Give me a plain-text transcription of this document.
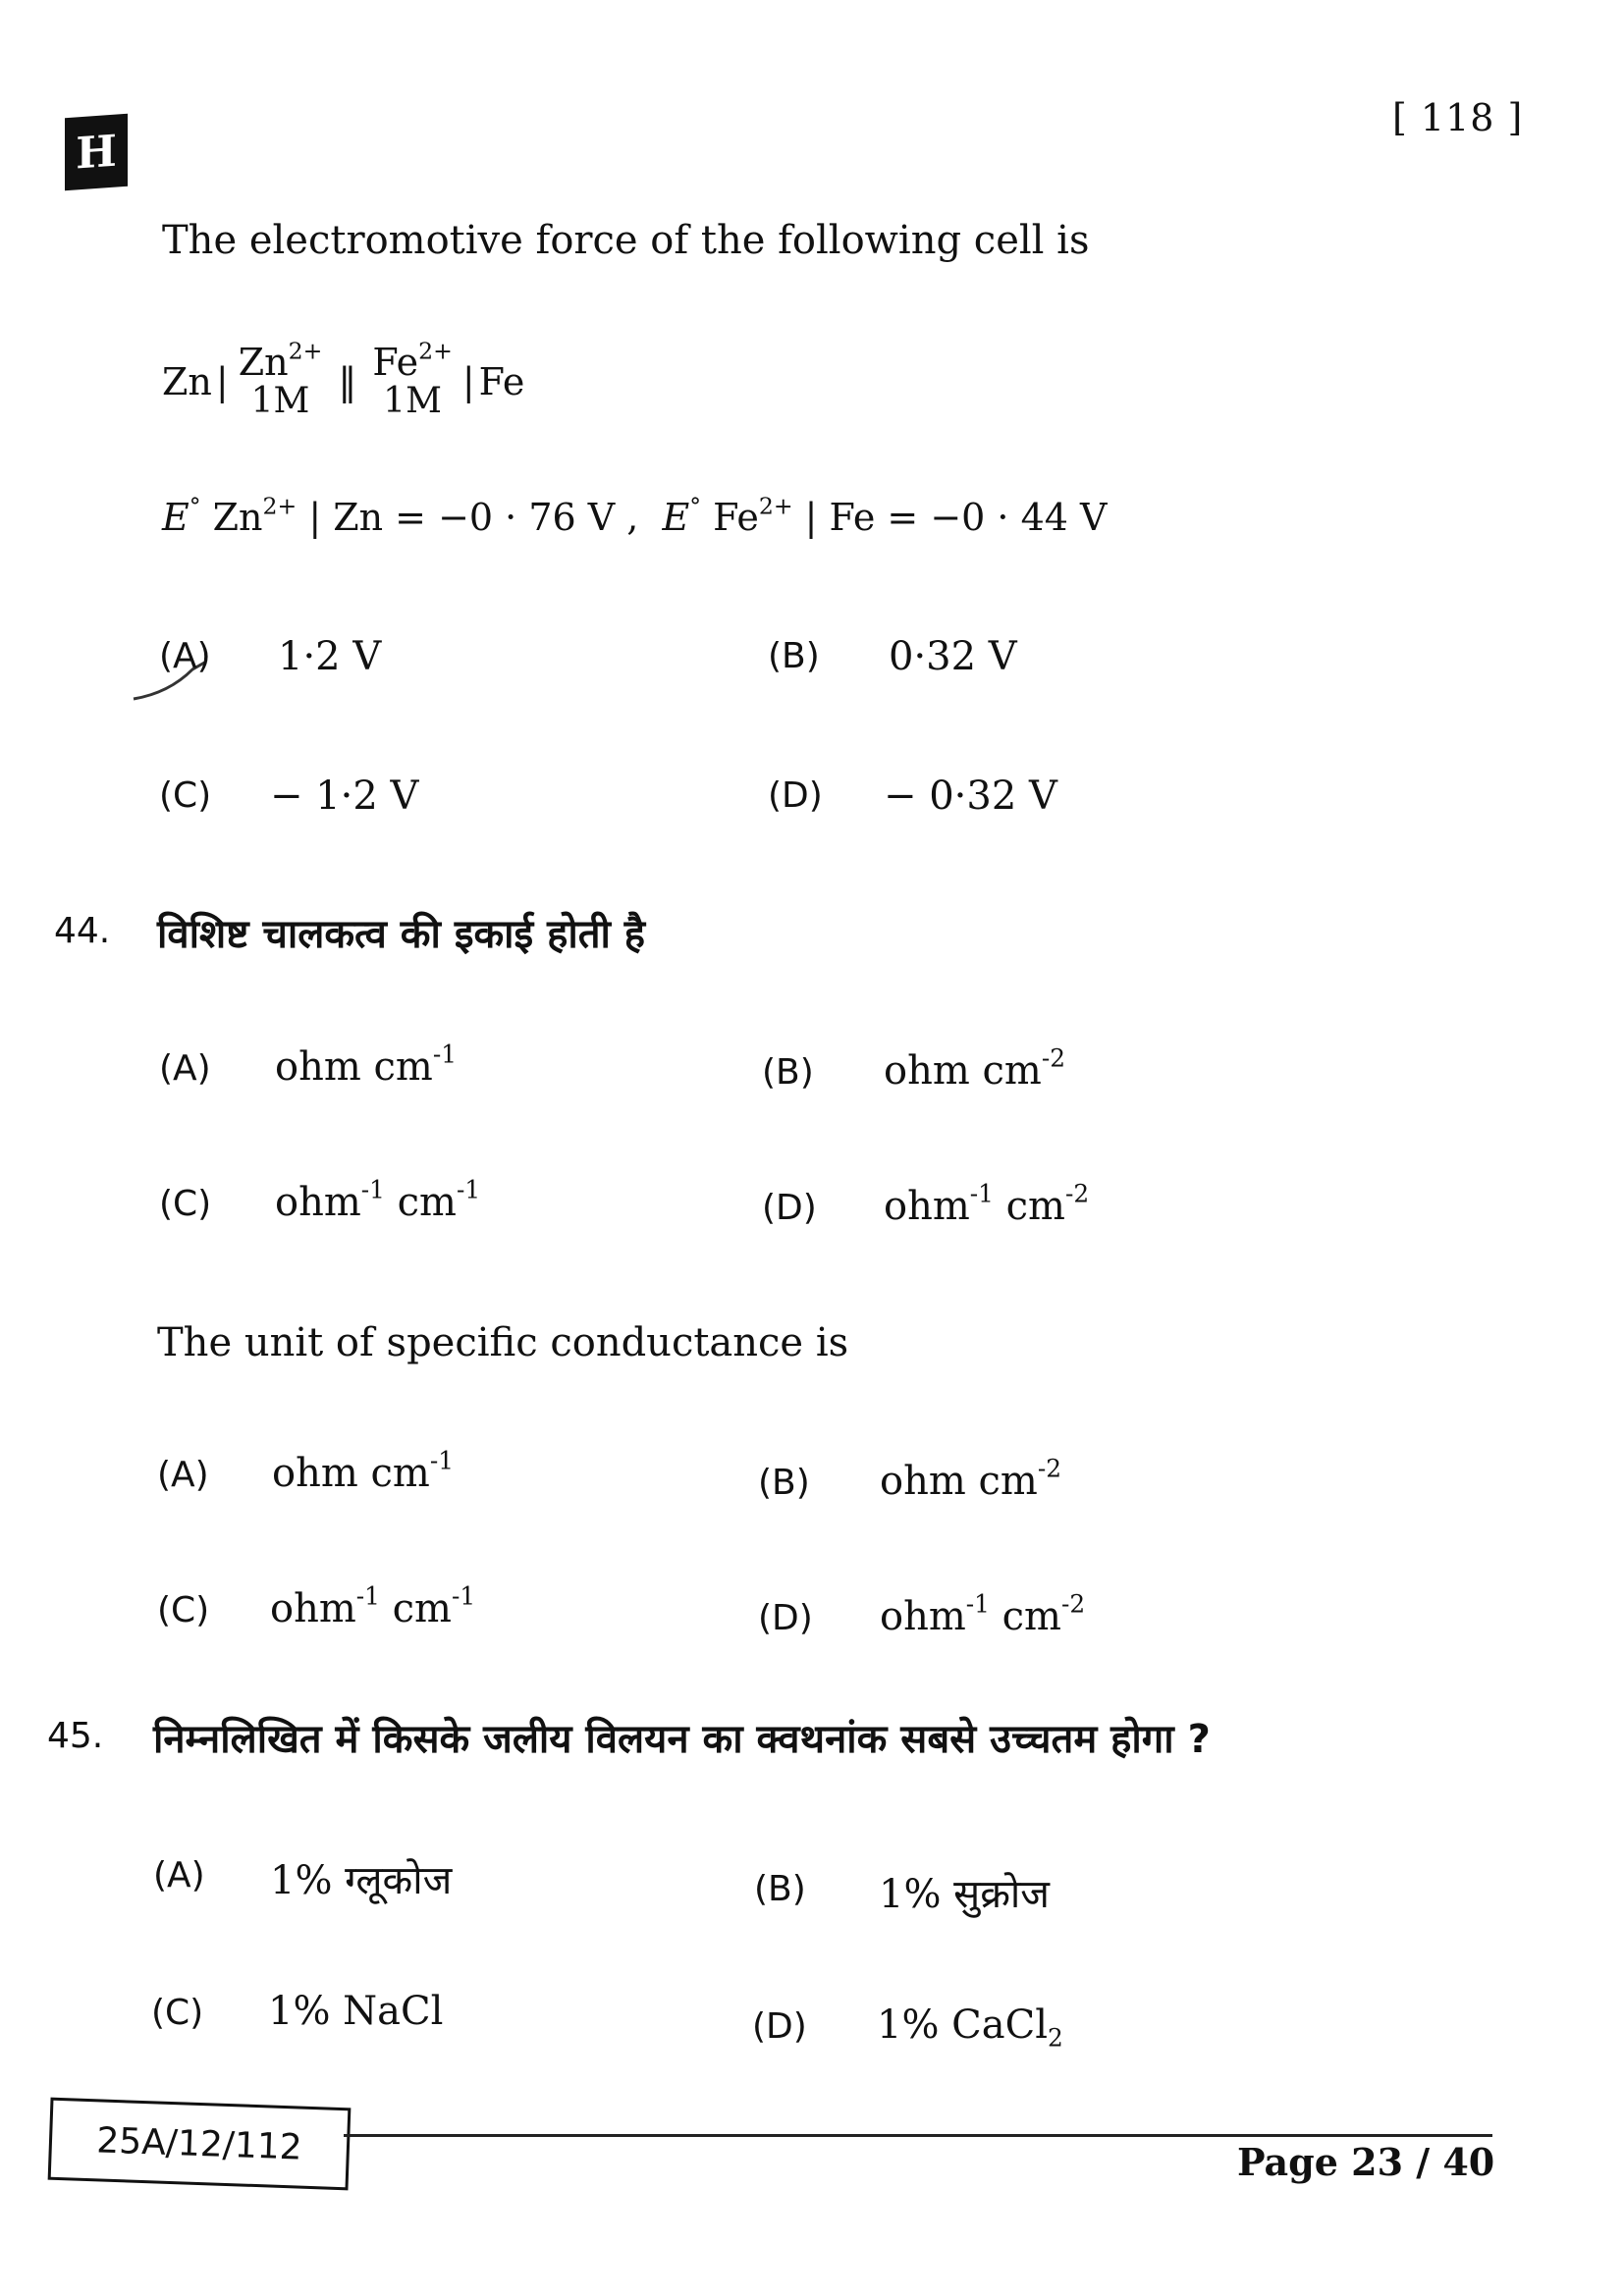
H
[ 118 ]
The electromotive force of the following cell is
Zn | $Zn^{2+}$
1M ‖ $Fe^{2+}$
1M | Fe
E° $Zn^{2+}$ | Zn = −0 · 76 V , E° $Fe^{2+}$ | Fe = −0 · 44 V
(A) 1·2 V	(B) 0·32 V
(C) − 1·2 V	(D) − 0·32 V
44. विशिष्ट चालकत्व की इकाई होती है
(A) ohm $cm^{-1}$	(B) ohm $cm^{-2}$
(C) ohm$^{-1}$ $cm^{-1}$	(D) ohm$^{-1}$ $cm^{-2}$
The unit of specific conductance is
(A) ohm $cm^{-1}$
(B) ohm $cm^{-2}$
(C) ohm$^{-1}$ $cm^{-1}$
(D) ohm$^{-1}$ $cm^{-2}$
45. निम्नलिखित में किसके जलीय विलयन का क्वथनांक सबसे उच्चतम होगा ?
(A) 1% ग्लूकोज	(B) 1% सुक्रोज
(C) 1% NaCl	(D) 1% CaCl$_2$
25A/12/112	Page 23 / 40
